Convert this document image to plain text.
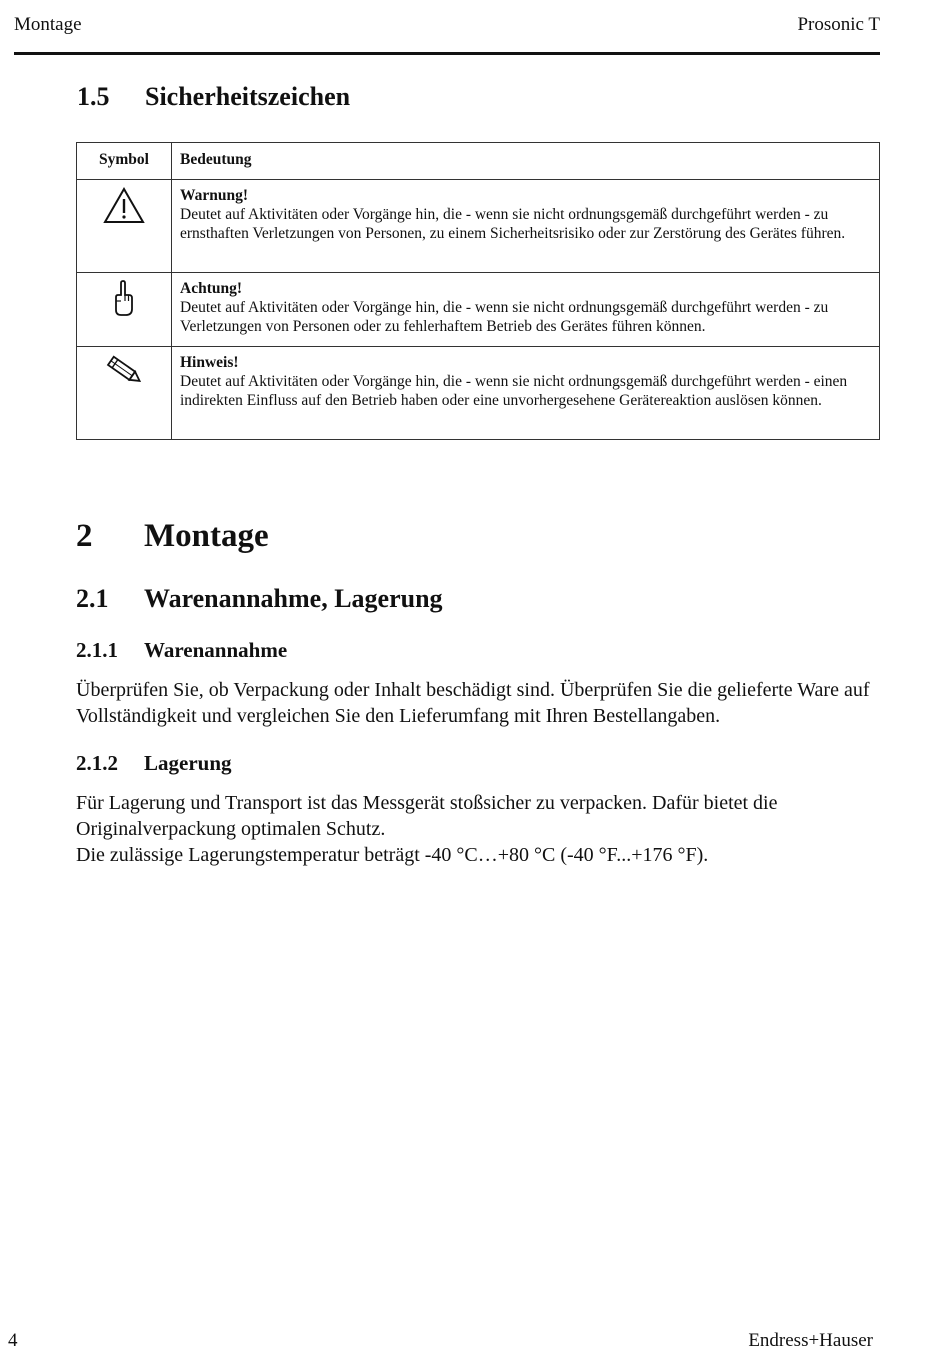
Montage	Prosonic T
1.5 Sicherheitszeichen
Symbol	Bedeutung

Warnung!
Deutet auf Aktivitäten oder Vorgänge hin, die - wenn sie nicht ordnungsgemäß durchgeführt werden - zu ernsthaften Verletzungen von Personen, zu einem Sicherheitsrisiko oder zur Zerstörung des Gerätes führen.

Achtung!
Deutet auf Aktivitäten oder Vorgänge hin, die - wenn sie nicht ordnungsgemäß durchgeführt werden - zu Verletzungen von Personen oder zu fehlerhaftem Betrieb des Gerätes führen können.

Hinweis!
Deutet auf Aktivitäten oder Vorgänge hin, die - wenn sie nicht ordnungsgemäß durchgeführt werden - einen indirekten Einfluss auf den Betrieb haben oder eine unvorhergesehene Gerätereaktion auslösen können.
2 Montage
2.1 Warenannahme, Lagerung
2.1.1 Warenannahme
Überprüfen Sie, ob Verpackung oder Inhalt beschädigt sind. Überprüfen Sie die gelieferte Ware auf Vollständigkeit und vergleichen Sie den Lieferumfang mit Ihren Bestellangaben.
2.1.2 Lagerung
Für Lagerung und Transport ist das Messgerät stoßsicher zu verpacken. Dafür bietet die Originalverpackung optimalen Schutz.
Die zulässige Lagerungstemperatur beträgt -40 °C…+80 °C (-40 °F...+176 °F).
4	Endress+Hauser
